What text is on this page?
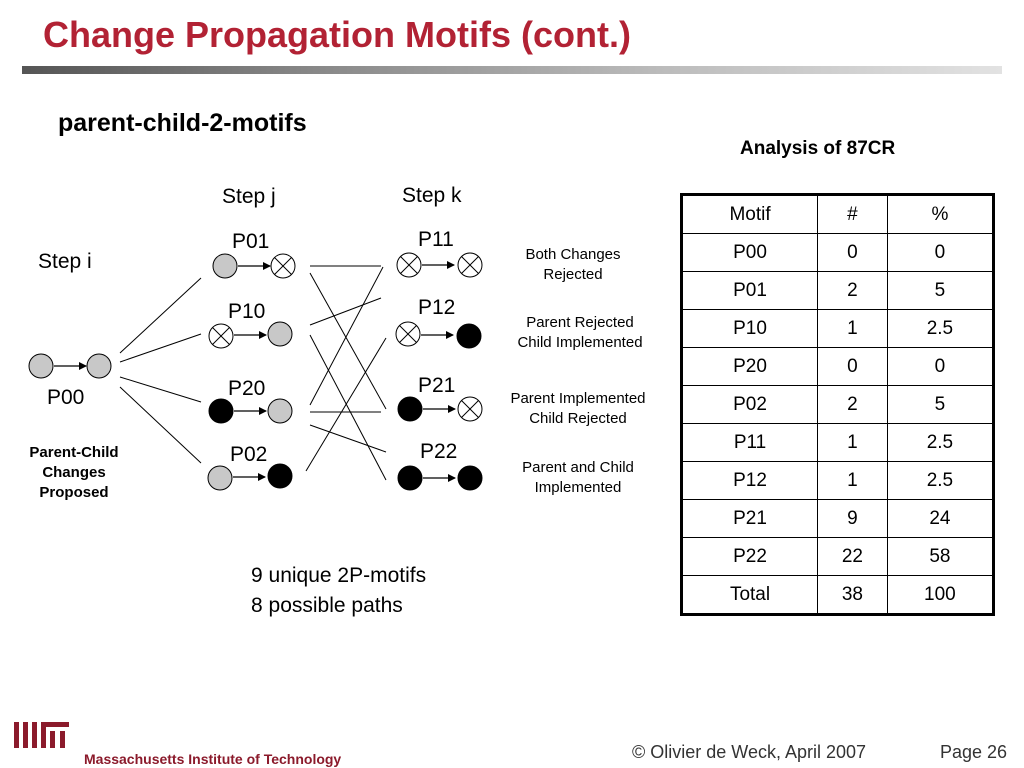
Change Propagation Motifs (cont.)
parent-child-2-motifs
Analysis of 87CR
Step j	Step k
Step i
P01
P10
P20
P02
P00
P11
P12
P21
P22
Both Changes
Rejected
Parent Rejected
Child Implemented
Parent Implemented
Child Rejected
Parent and Child
Implemented
Parent-Child
Changes
Proposed
9 unique 2P-motifs
8 possible paths
Motif	#	%
P00	0	0
P01	2	5
P10	1	2.5
P20	0	0
P02	2	5
P11	1	2.5
P12	1	2.5
P21	9	24
P22	22	58
Total	38	100
Massachusetts Institute of Technology	© Olivier de Weck, April 2007	Page 26
